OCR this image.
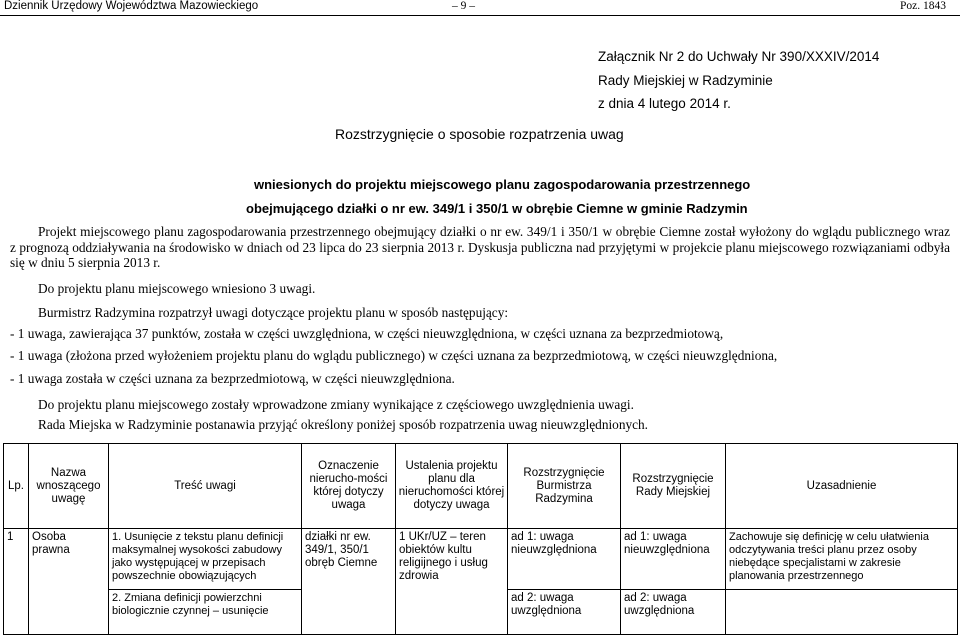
Dziennik Urzędowy Województwa Mazowieckiego	– 9 –	Poz. 1843
Załącznik Nr 2 do Uchwały Nr 390/XXXIV/2014
Rady Miejskiej w Radzyminie
z dnia 4 lutego 2014 r.
Rozstrzygnięcie o sposobie rozpatrzenia uwag
wniesionych do projektu miejscowego planu zagospodarowania przestrzennego
obejmującego działki o nr ew. 349/1 i 350/1 w obrębie Ciemne w gminie Radzymin
Projekt miejscowego planu zagospodarowania przestrzennego obejmujący działki o nr ew. 349/1 i 350/1 w obrębie Ciemne został wyłożony do wglądu publicznego wraz z prognozą oddziaływania na środowisko w dniach od 23 lipca do 23 sierpnia 2013 r. Dyskusja publiczna nad przyjętymi w projekcie planu miejscowego rozwiązaniami odbyła się w dniu 5 sierpnia 2013 r.
Do projektu planu miejscowego wniesiono 3 uwagi.
Burmistrz Radzymina rozpatrzył uwagi dotyczące projektu planu w sposób następujący:
- 1 uwaga, zawierająca 37 punktów, została w części uwzględniona, w części nieuwzględniona, w części uznana za bezprzedmiotową,
- 1 uwaga (złożona przed wyłożeniem projektu planu do wglądu publicznego) w części uznana za bezprzedmiotową, w części nieuwzględniona,
- 1 uwaga została w części uznana za bezprzedmiotową, w części nieuwzględniona.
Do projektu planu miejscowego zostały wprowadzone zmiany wynikające z częściowego uwzględnienia uwagi.
Rada Miejska w Radzyminie postanawia przyjąć określony poniżej sposób rozpatrzenia uwag nieuwzględnionych.
Lp.	Nazwa wnoszącego uwagę	Treść uwagi	Oznaczenie nierucho-mości której dotyczy uwaga	Ustalenia projektu planu dla nieruchomości której dotyczy uwaga	Rozstrzygnięcie Burmistrza Radzymina	Rozstrzygnięcie Rady Miejskiej	Uzasadnienie
1	Osoba prawna	1. Usunięcie z tekstu planu definicji maksymalnej wysokości zabudowy jako występującej w przepisach powszechnie obowiązujących	działki nr ew. 349/1, 350/1 obręb Ciemne	1 UKr/UZ – teren obiektów kultu religijnego i usług zdrowia	ad 1: uwaga nieuwzględniona	ad 1: uwaga nieuwzględniona	Zachowuje się definicję w celu ułatwienia odczytywania treści planu przez osoby niebędące specjalistami w zakresie planowania przestrzennego
		2. Zmiana definicji powierzchni biologicznie czynnej – usunięcie			ad 2: uwaga uwzględniona	ad 2: uwaga uwzględniona	
